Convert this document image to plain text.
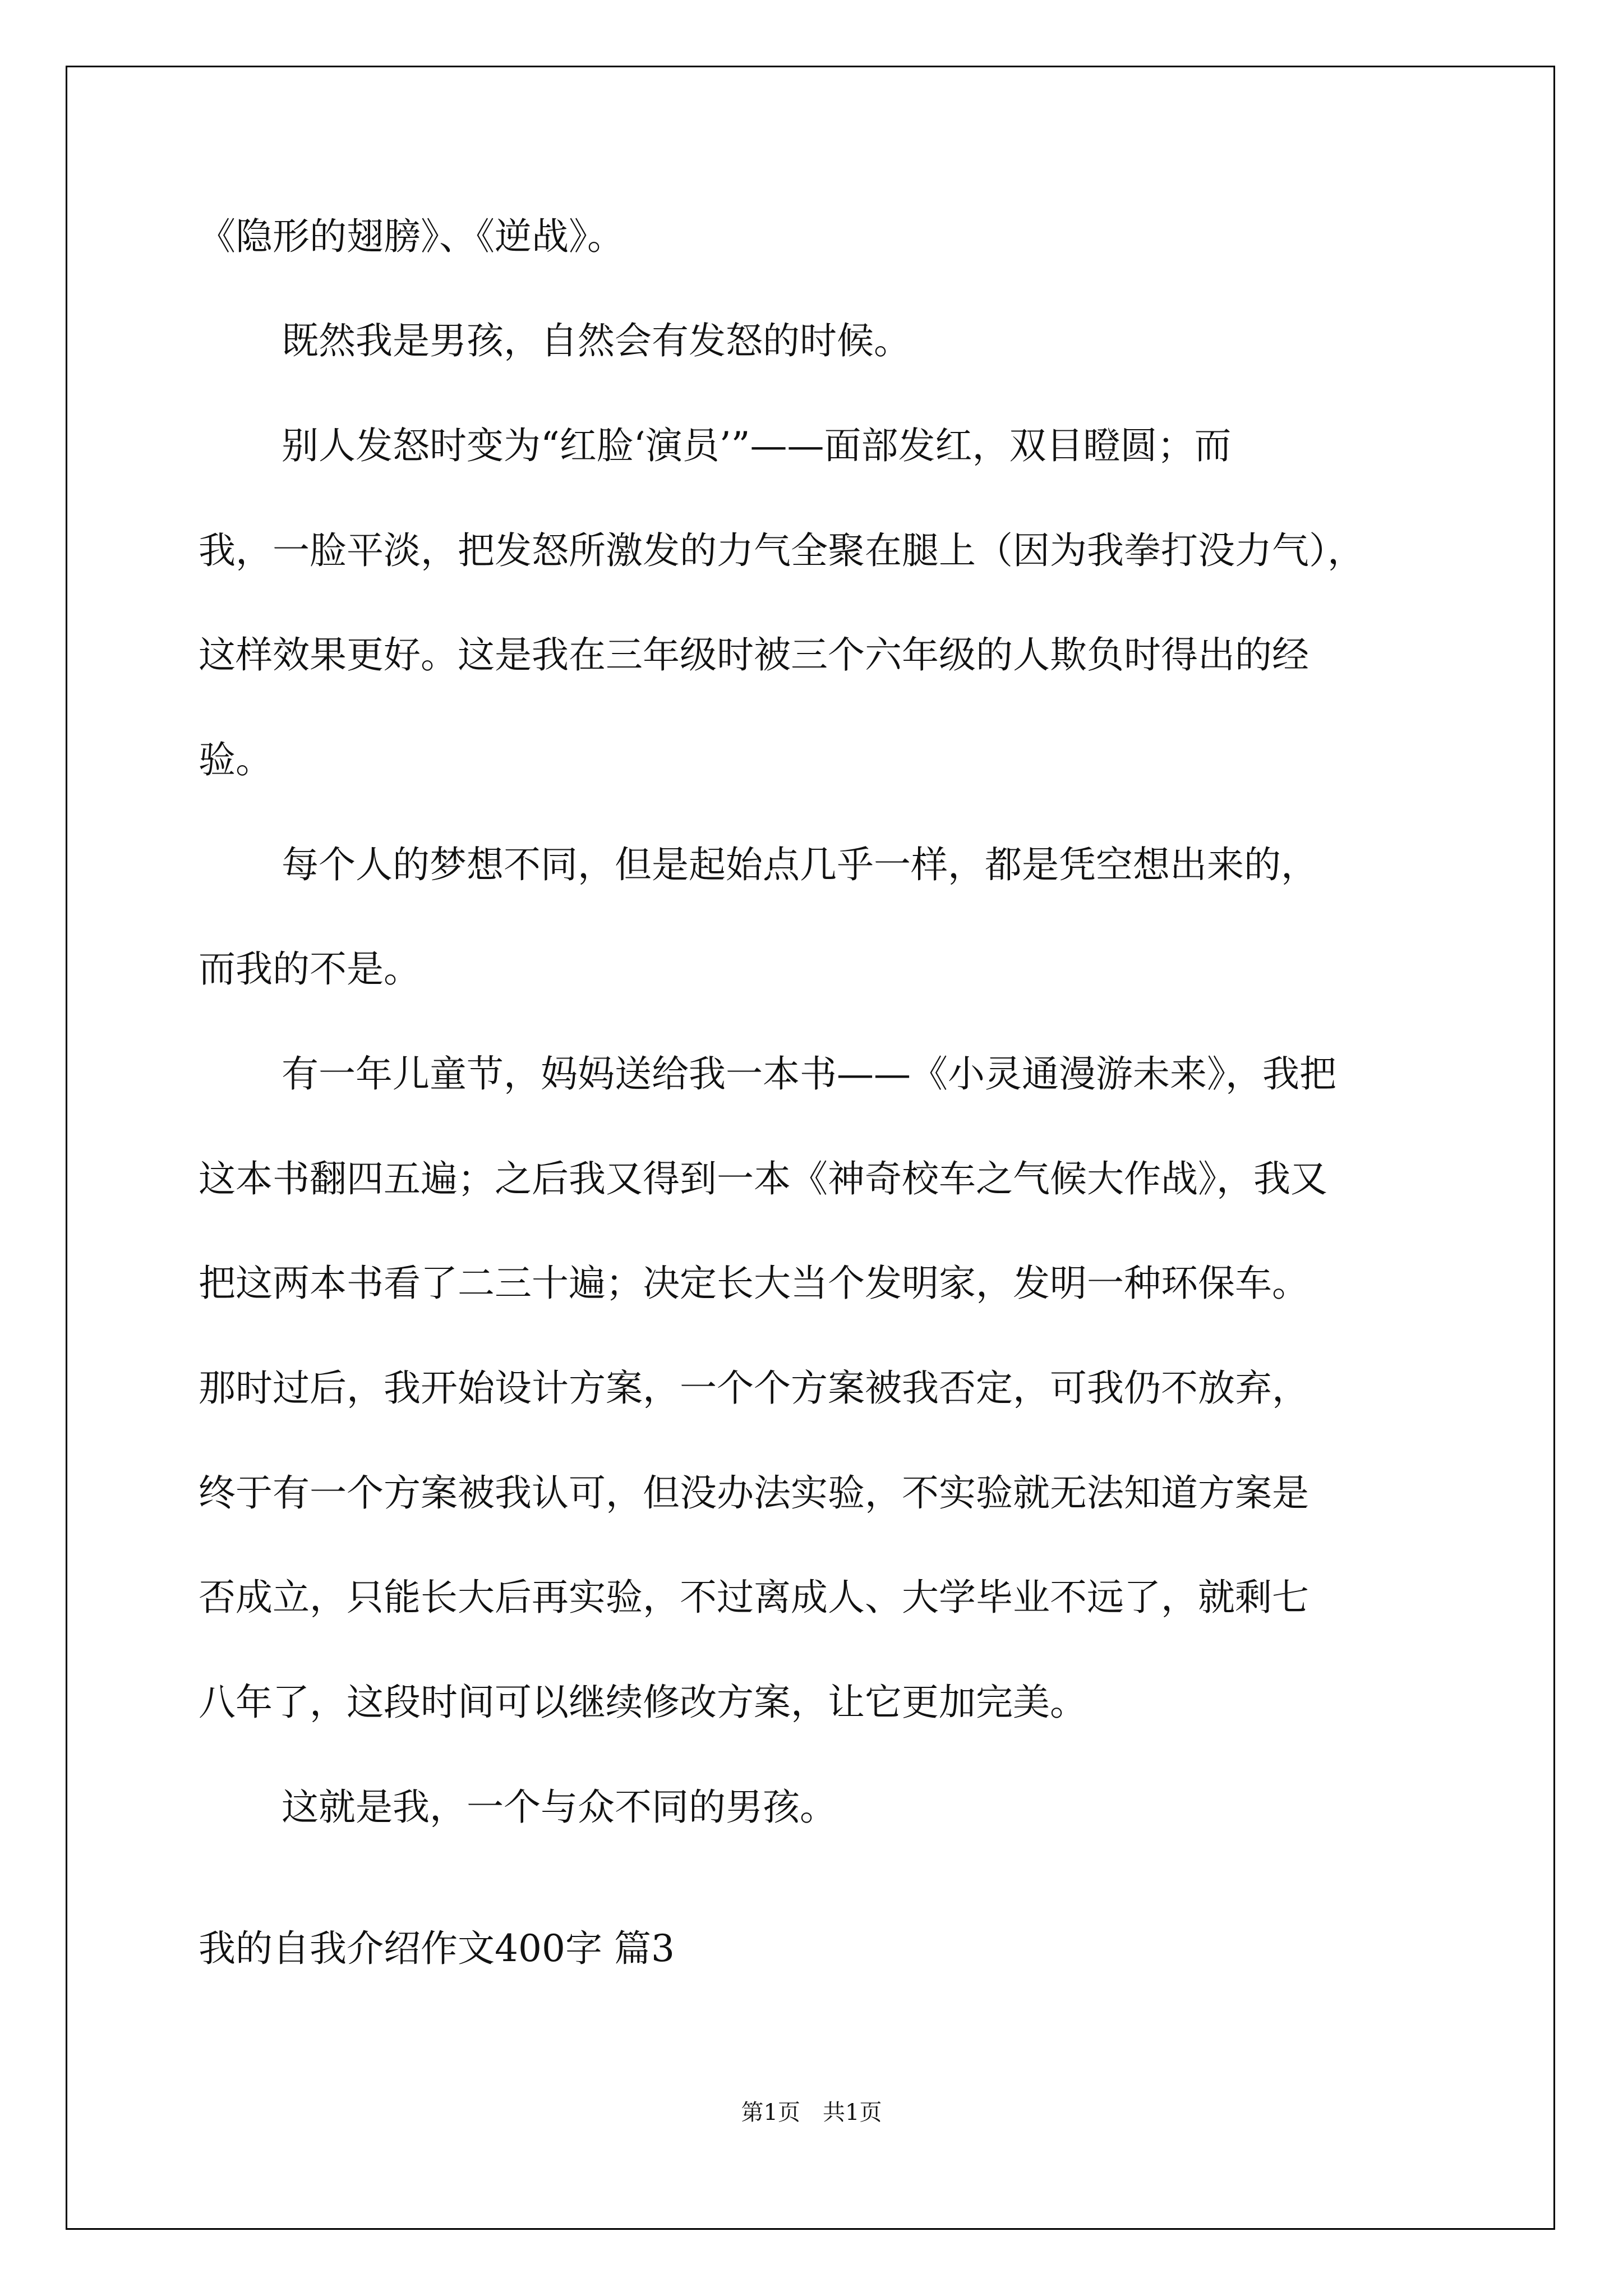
《隐形的翅膀》、《逆战》。
既然我是男孩，自然会有发怒的时候。
别人发怒时变为“红脸‘演员’”——面部发红，双目瞪圆；而
我，一脸平淡，把发怒所激发的力气全聚在腿上（因为我拳打没力气），
这样效果更好。这是我在三年级时被三个六年级的人欺负时得出的经
验。
每个人的梦想不同，但是起始点几乎一样，都是凭空想出来的，
而我的不是。
有一年儿童节，妈妈送给我一本书——《小灵通漫游未来》，我把
这本书翻四五遍；之后我又得到一本《神奇校车之气候大作战》，我又
把这两本书看了二三十遍；决定长大当个发明家，发明一种环保车。
那时过后，我开始设计方案，一个个方案被我否定，可我仍不放弃，
终于有一个方案被我认可，但没办法实验，不实验就无法知道方案是
否成立，只能长大后再实验，不过离成人、大学毕业不远了，就剩七
八年了，这段时间可以继续修改方案，让它更加完美。
这就是我，一个与众不同的男孩。
我的自我介绍作文400字 篇3
第1页　共1页
